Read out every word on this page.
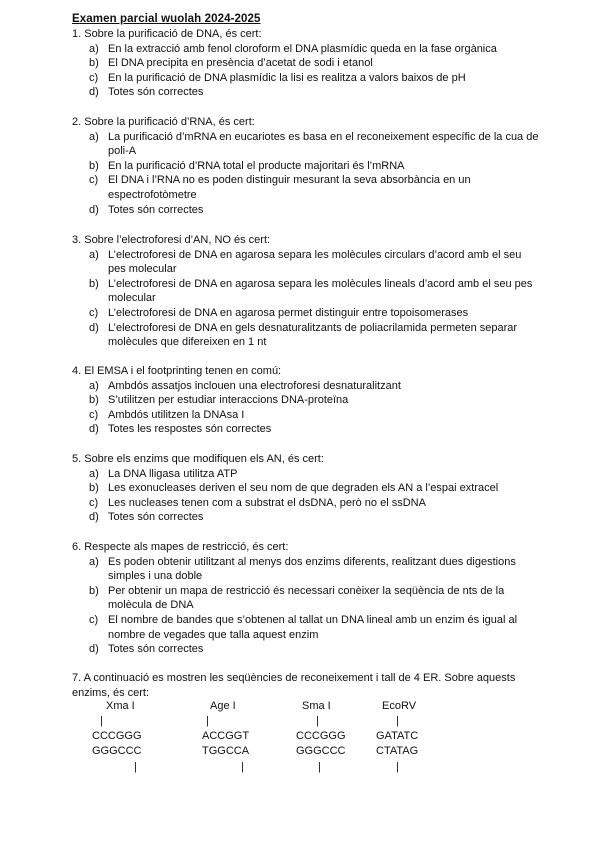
Examen parcial wuolah 2024-2025

1. Sobre la purificació de DNA, és cert:

a) En la extracció amb fenol cloroform el DNA plasmídic queda en la fase orgànica
b) El DNA precipita en presència d’acetat de sodi i etanol
c) En la purificació de DNA plasmídic la lisi es realitza a valors baixos de pH
d) Totes són correctes

2. Sobre la purificació d’RNA, és cert:

a) La purificació d’mRNA en eucariotes es basa en el reconeixement específic de la cua de poli-A
b) En la purificació d’RNA total el producte majoritari és l’mRNA
c) El DNA i l’RNA no es poden distinguir mesurant la seva absorbància en un espectrofotòmetre
d) Totes són correctes

3. Sobre l’electroforesi d’AN, NO és cert:

a) L’electroforesi de DNA en agarosa separa les molècules circulars d’acord amb el seu pes molecular
b) L’electroforesi de DNA en agarosa separa les molècules lineals d’acord amb el seu pes molecular
c) L’electroforesi de DNA en agarosa permet distinguir entre topoisomerases
d) L’electroforesi de DNA en gels desnaturalitzants de poliacrilamida permeten separar molècules que difereixen en 1 nt

4. El EMSA i el footprinting tenen en comú:

a) Ambdós assatjos inclouen una electroforesi desnaturalitzant
b) S’utilitzen per estudiar interaccions DNA-proteïna
c) Ambdós utilitzen la DNAsa I
d) Totes les respostes són correctes

5. Sobre els enzims que modifiquen els AN, és cert:

a) La DNA lligasa utilitza ATP
b) Les exonucleases deriven el seu nom de que degraden els AN a l’espai extracel
c) Les nucleases tenen com a substrat el dsDNA, però no el ssDNA
d) Totes són correctes

6. Respecte als mapes de restricció, és cert:

a) Es poden obtenir utilitzant al menys dos enzims diferents, realitzant dues digestions simples i una doble
b) Per obtenir un mapa de restricció és necessari conèixer la seqüència de nts de la molècula de DNA
c) El nombre de bandes que s’obtenen al tallat un DNA lineal amb un enzim és igual al nombre de vegades que talla aquest enzim
d) Totes són correctes

7. A continuació es mostren les seqüències de reconeixement i tall de 4 ER. Sobre aquests enzims, és cert:

Xma I
|
CCCGGG
GGGCCC
|
Age I
|
ACCGGT
TGGCCA
|
Sma I
|
CCCGGG
GGGCCC
|
EcoRV
|
GATATC
CTATAG
|
